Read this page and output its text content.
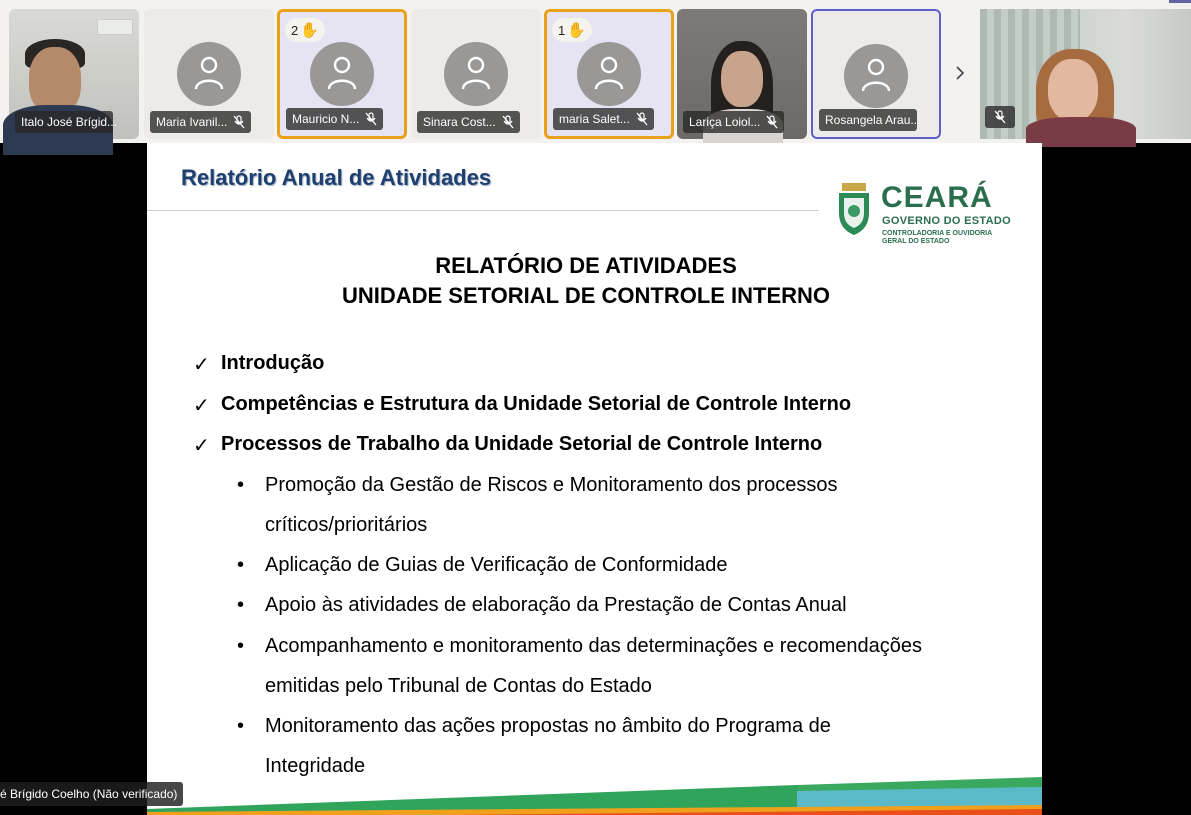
Italo José Brígid...	Maria Ivanil...
2 ✋
Mauricio N...	Sinara Cost...
1 ✋
maria Salet...	Lariça Loiol...	Rosangela Arau...
Relatório Anual de Atividades
CEARÁ
GOVERNO DO ESTADO
CONTROLADORIA E OUVIDORIA
GERAL DO ESTADO
RELATÓRIO DE ATIVIDADES
UNIDADE SETORIAL DE CONTROLE INTERNO
✓ Introdução
✓ Competências e Estrutura da Unidade Setorial de Controle Interno
✓ Processos de Trabalho da Unidade Setorial de Controle Interno
• Promoção da Gestão de Riscos e Monitoramento dos processos
críticos/prioritários
• Aplicação de Guias de Verificação de Conformidade
• Apoio às atividades de elaboração da Prestação de Contas Anual
• Acompanhamento e monitoramento das determinações e recomendações
emitidas pelo Tribunal de Contas do Estado
• Monitoramento das ações propostas no âmbito do Programa de
Integridade
é Brígido Coelho (Não verificado)
